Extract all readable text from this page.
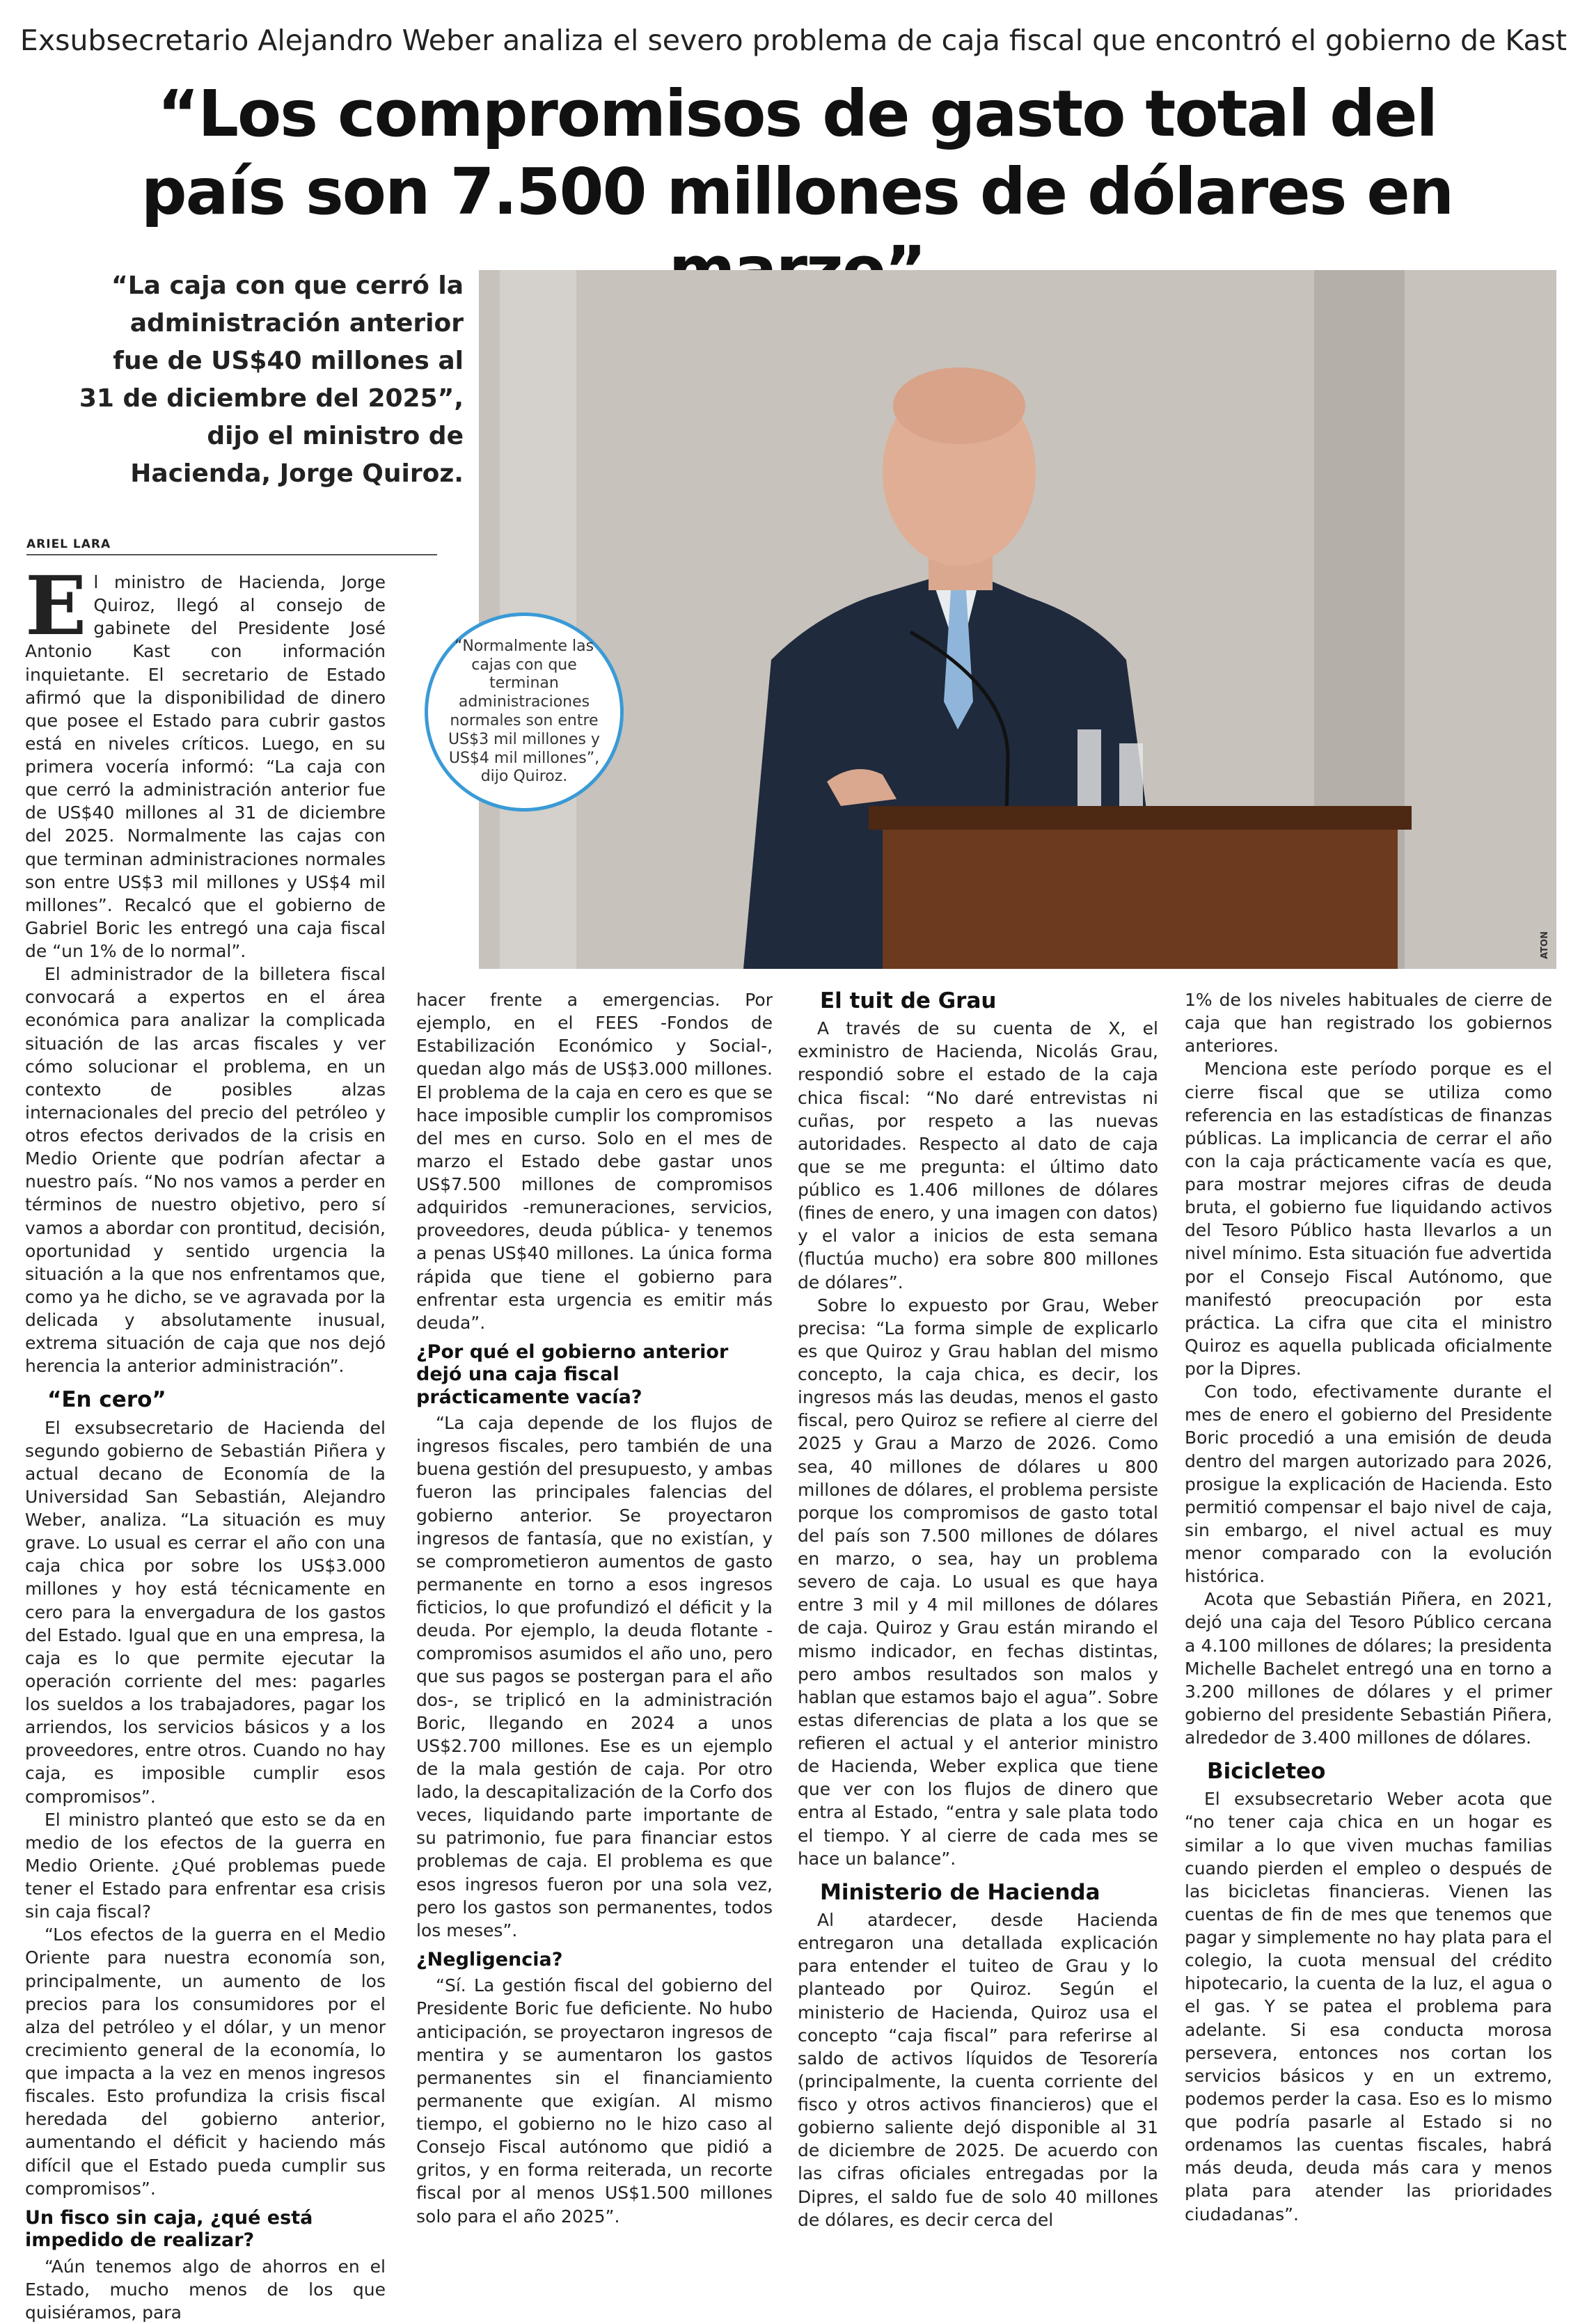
Exsubsecretario Alejandro Weber analiza el severo problema de caja fiscal que encontró el gobierno de Kast
“Los compromisos de gasto total del país son 7.500 millones de dólares en
“La caja con que cerró la administración anterior fue de US$40 millones al 31 de diciembre del 2025”, dijo el ministro de Hacienda, Jorge Quiroz.
ATON
“Normalmente las cajas con que terminan administraciones normales son entre US$3 mil millones y US$4 mil millones”, dijo Quiroz.
ARIEL LARA

El ministro de Hacienda, Jorge Quiroz, llegó al consejo de gabinete del Presidente José Antonio Kast con información inquietante. El secretario de Estado afirmó que la disponibilidad de dinero que posee el Estado para cubrir gastos está en niveles críticos. Luego, en su primera vocería informó: “La caja con que cerró la administración anterior fue de US$40 millones al 31 de diciembre del 2025. Normalmente las cajas con que terminan administraciones normales son entre US$3 mil millones y US$4 mil millones”. Recalcó que el gobierno de Gabriel Boric les entregó una caja fiscal de “un 1% de lo normal”.

El administrador de la billetera fiscal convocará a expertos en el área económica para analizar la complicada situación de las arcas fiscales y ver cómo solucionar el problema, en un contexto de posibles alzas internacionales del precio del petróleo y otros efectos derivados de la crisis en Medio Oriente que podrían afectar a nuestro país. “No nos vamos a perder en términos de nuestro objetivo, pero sí vamos a abordar con prontitud, decisión, oportunidad y sentido urgencia la situación a la que nos enfrentamos que, como ya he dicho, se ve agravada por la delicada y absolutamente inusual, extrema situación de caja que nos dejó herencia la anterior administración”.

“En cero”

El exsubsecretario de Hacienda del segundo gobierno de Sebastián Piñera y actual decano de Economía de la Universidad San Sebastián, Alejandro Weber, analiza. “La situación es muy grave. Lo usual es cerrar el año con una caja chica por sobre los US$3.000 millones y hoy está técnicamente en cero para la envergadura de los gastos del Estado. Igual que en una empresa, la caja es lo que permite ejecutar la operación corriente del mes: pagarles los sueldos a los trabajadores, pagar los arriendos, los servicios básicos y a los proveedores, entre otros. Cuando no hay caja, es imposible cumplir esos compromisos”.

El ministro planteó que esto se da en medio de los efectos de la guerra en Medio Oriente. ¿Qué problemas puede tener el Estado para enfrentar esa crisis sin caja fiscal?

“Los efectos de la guerra en el Medio Oriente para nuestra economía son, principalmente, un aumento de los precios para los consumidores por el alza del petróleo y el dólar, y un menor crecimiento general de la economía, lo que impacta a la vez en menos ingresos fiscales. Esto profundiza la crisis fiscal heredada del gobierno anterior, aumentando el déficit y haciendo más difícil que el Estado pueda cumplir sus compromisos”.

Un fisco sin caja, ¿qué está impedido de realizar?

“Aún tenemos algo de ahorros en el Estado, mucho menos de los que quisiéramos, para

hacer frente a emergencias. Por ejemplo, en el FEES -Fondos de Estabilización Económico y Social-, quedan algo más de US$3.000 millones. El problema de la caja en cero es que se hace imposible cumplir los compromisos del mes en curso. Solo en el mes de marzo el Estado debe gastar unos US$7.500 millones de compromisos adquiridos -remuneraciones, servicios, proveedores, deuda pública- y tenemos a penas US$40 millones. La única forma rápida que tiene el gobierno para enfrentar esta urgencia es emitir más deuda”.

¿Por qué el gobierno anterior dejó una caja fiscal prácticamente vacía?

“La caja depende de los flujos de ingresos fiscales, pero también de una buena gestión del presupuesto, y ambas fueron las principales falencias del gobierno anterior. Se proyectaron ingresos de fantasía, que no existían, y se comprometieron aumentos de gasto permanente en torno a esos ingresos ficticios, lo que profundizó el déficit y la deuda. Por ejemplo, la deuda flotante -compromisos asumidos el año uno, pero que sus pagos se postergan para el año dos-, se triplicó en la administración Boric, llegando en 2024 a unos US$2.700 millones. Ese es un ejemplo de la mala gestión de caja. Por otro lado, la descapitalización de la Corfo dos veces, liquidando parte importante de su patrimonio, fue para financiar estos problemas de caja. El problema es que esos ingresos fueron por una sola vez, pero los gastos son permanentes, todos los meses”.

¿Negligencia?

“Sí. La gestión fiscal del gobierno del Presidente Boric fue deficiente. No hubo anticipación, se proyectaron ingresos de mentira y se aumentaron los gastos permanentes sin el financiamiento permanente que exigían. Al mismo tiempo, el gobierno no le hizo caso al Consejo Fiscal autónomo que pidió a gritos, y en forma reiterada, un recorte fiscal por al menos US$1.500 millones solo para el año 2025”.

El tuit de Grau

A través de su cuenta de X, el exministro de Hacienda, Nicolás Grau, respondió sobre el estado de la caja chica fiscal: “No daré entrevistas ni cuñas, por respeto a las nuevas autoridades. Respecto al dato de caja que se me pregunta: el último dato público es 1.406 millones de dólares (fines de enero, y una imagen con datos) y el valor a inicios de esta semana (fluctúa mucho) era sobre 800 millones de dólares”.

Sobre lo expuesto por Grau, Weber precisa: “La forma simple de explicarlo es que Quiroz y Grau hablan del mismo concepto, la caja chica, es decir, los ingresos más las deudas, menos el gasto fiscal, pero Quiroz se refiere al cierre del 2025 y Grau a Marzo de 2026. Como sea, 40 millones de dólares u 800 millones de dólares, el problema persiste porque los compromisos de gasto total del país son 7.500 millones de dólares en marzo, o sea, hay un problema severo de caja. Lo usual es que haya entre 3 mil y 4 mil millones de dólares de caja. Quiroz y Grau están mirando el mismo indicador, en fechas distintas, pero ambos resultados son malos y hablan que estamos bajo el agua”. Sobre estas diferencias de plata a los que se refieren el actual y el anterior ministro de Hacienda, Weber explica que tiene que ver con los flujos de dinero que entra al Estado, “entra y sale plata todo el tiempo. Y al cierre de cada mes se hace un balance”.

Ministerio de Hacienda

Al atardecer, desde Hacienda entregaron una detallada explicación para entender el tuiteo de Grau y lo planteado por Quiroz. Según el ministerio de Hacienda, Quiroz usa el concepto “caja fiscal” para referirse al saldo de activos líquidos de Tesorería (principalmente, la cuenta corriente del fisco y otros activos financieros) que el gobierno saliente dejó disponible al 31 de diciembre de 2025. De acuerdo con las cifras oficiales entregadas por la Dipres, el saldo fue de solo 40 millones de dólares, es decir cerca del

1% de los niveles habituales de cierre de caja que han registrado los gobiernos anteriores.

Menciona este período porque es el cierre fiscal que se utiliza como referencia en las estadísticas de finanzas públicas. La implicancia de cerrar el año con la caja prácticamente vacía es que, para mostrar mejores cifras de deuda bruta, el gobierno fue liquidando activos del Tesoro Público hasta llevarlos a un nivel mínimo. Esta situación fue advertida por el Consejo Fiscal Autónomo, que manifestó preocupación por esta práctica. La cifra que cita el ministro Quiroz es aquella publicada oficialmente por la Dipres.

Con todo, efectivamente durante el mes de enero el gobierno del Presidente Boric procedió a una emisión de deuda dentro del margen autorizado para 2026, prosigue la explicación de Hacienda. Esto permitió compensar el bajo nivel de caja, sin embargo, el nivel actual es muy menor comparado con la evolución histórica.

Acota que Sebastián Piñera, en 2021, dejó una caja del Tesoro Público cercana a 4.100 millones de dólares; la presidenta Michelle Bachelet entregó una en torno a 3.200 millones de dólares y el primer gobierno del presidente Sebastián Piñera, alrededor de 3.400 millones de dólares.

Bicicleteo

El exsubsecretario Weber acota que “no tener caja chica en un hogar es similar a lo que viven muchas familias cuando pierden el empleo o después de las bicicletas financieras. Vienen las cuentas de fin de mes que tenemos que pagar y simplemente no hay plata para el colegio, la cuota mensual del crédito hipotecario, la cuenta de la luz, el agua o el gas. Y se patea el problema para adelante. Si esa conducta morosa persevera, entonces nos cortan los servicios básicos y en un extremo, podemos perder la casa. Eso es lo mismo que podría pasarle al Estado si no ordenamos las cuentas fiscales, habrá más deuda, deuda más cara y menos plata para atender las prioridades ciudadanas”.
